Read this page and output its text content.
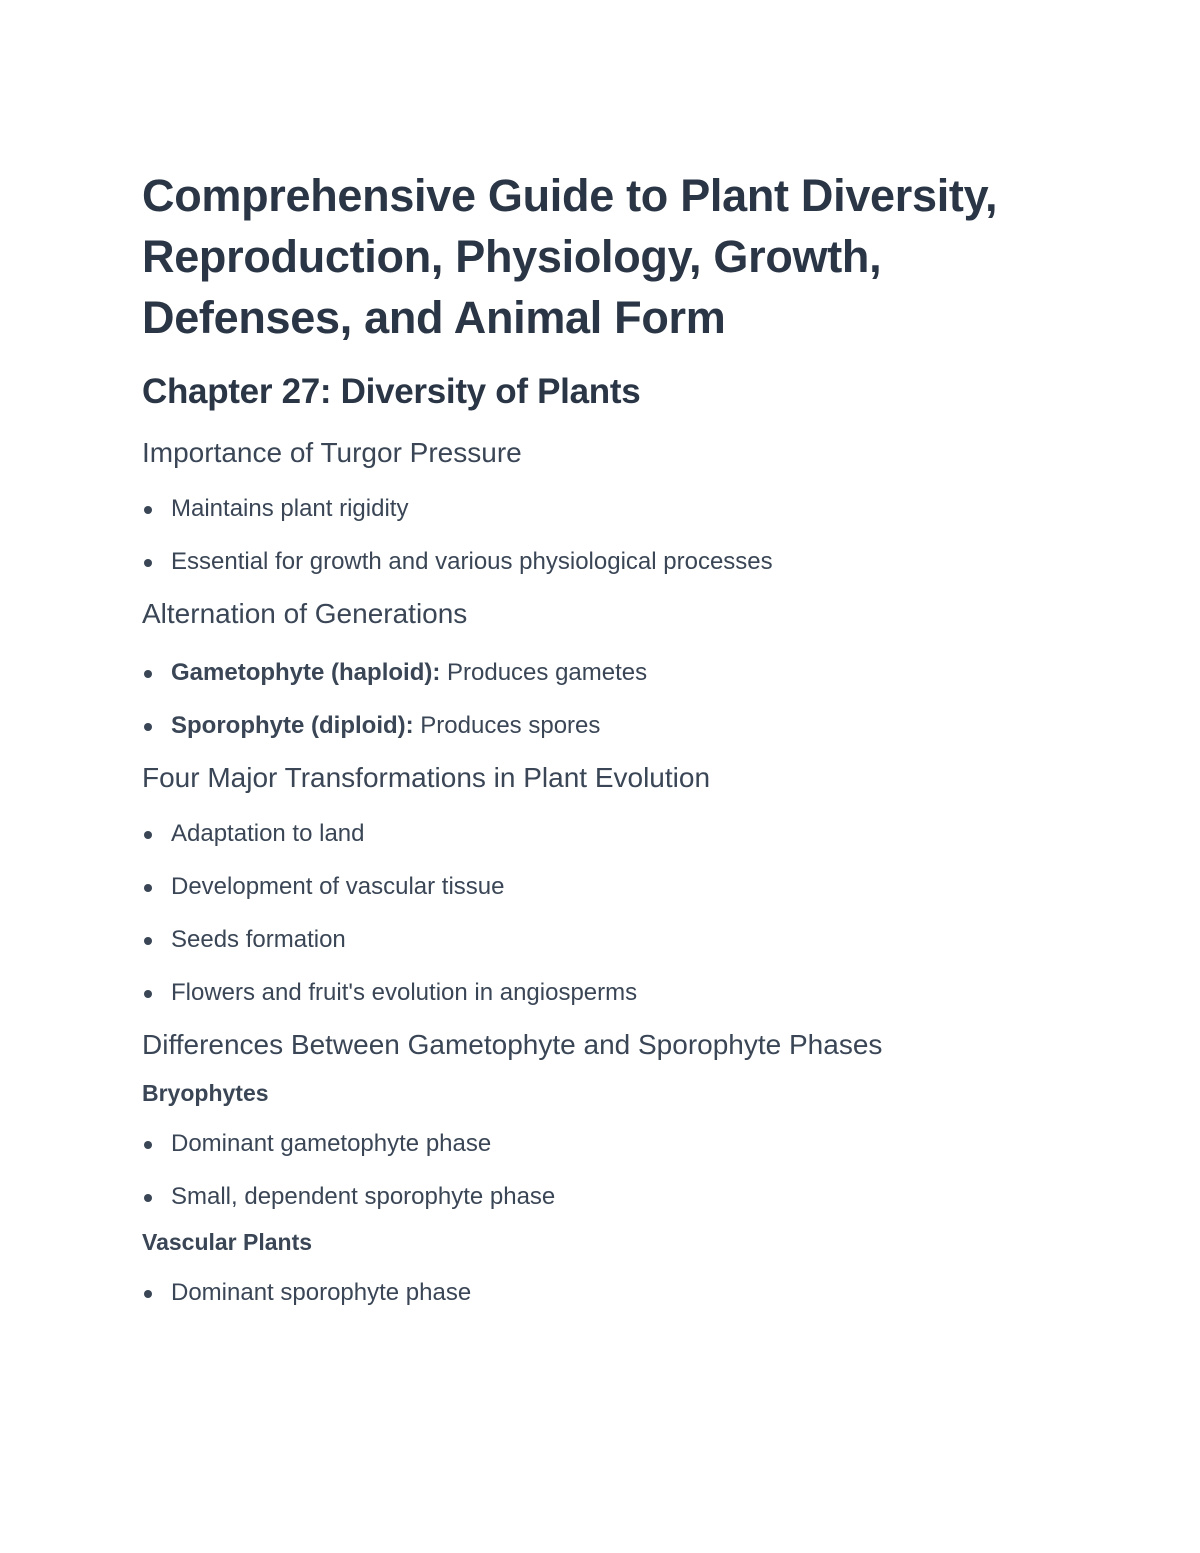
Comprehensive Guide to Plant Diversity, Reproduction, Physiology, Growth, Defenses, and Animal Form
Chapter 27: Diversity of Plants
Importance of Turgor Pressure
Maintains plant rigidity
Essential for growth and various physiological processes
Alternation of Generations
Gametophyte (haploid): Produces gametes
Sporophyte (diploid): Produces spores
Four Major Transformations in Plant Evolution
Adaptation to land
Development of vascular tissue
Seeds formation
Flowers and fruit's evolution in angiosperms
Differences Between Gametophyte and Sporophyte Phases
Bryophytes
Dominant gametophyte phase
Small, dependent sporophyte phase
Vascular Plants
Dominant sporophyte phase
